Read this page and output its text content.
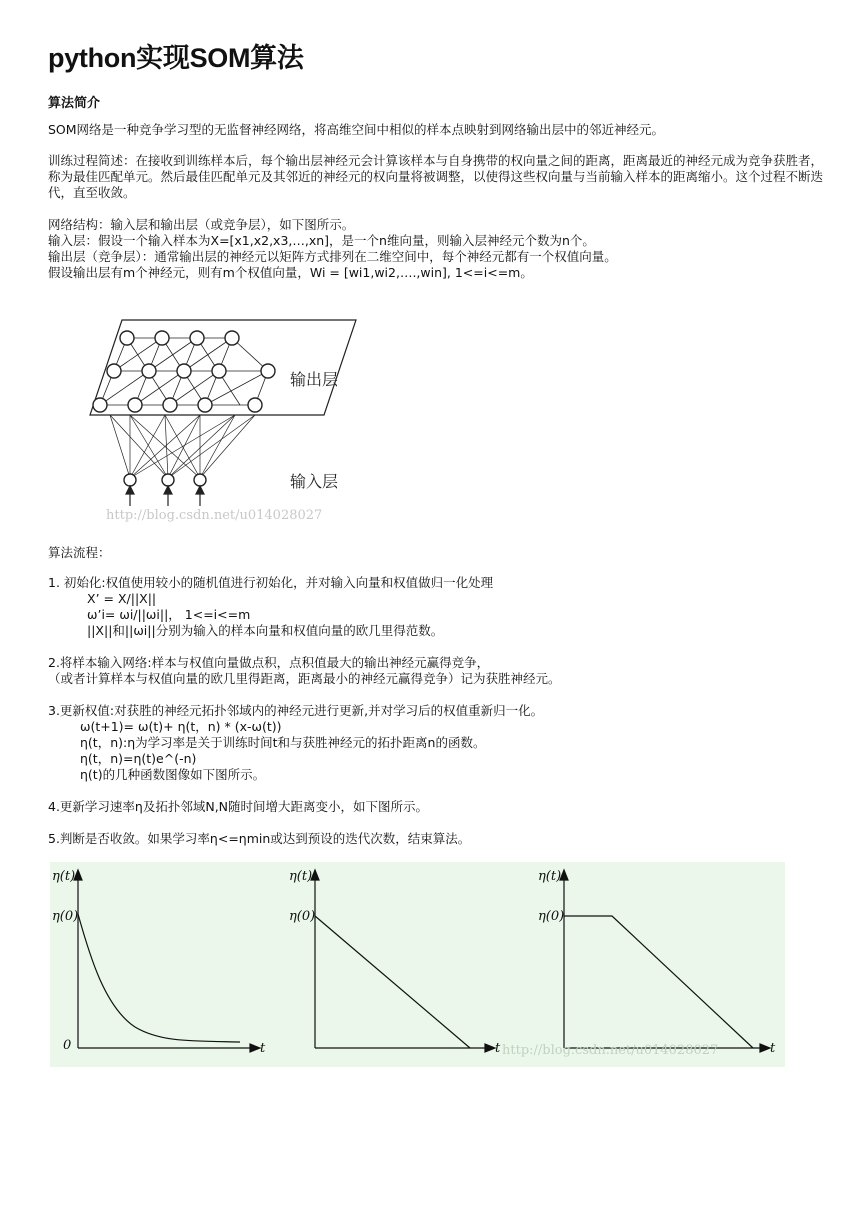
python实现SOM算法
算法简介

SOM网络是一种竞争学习型的无监督神经网络，将高维空间中相似的样本点映射到网络输出层中的邻近神经元。

训练过程简述：在接收到训练样本后，每个输出层神经元会计算该样本与自身携带的权向量之间的距离，距离最近的神经元成为竞争获胜者，称为最佳匹配单元。然后最佳匹配单元及其邻近的神经元的权向量将被调整，以使得这些权向量与当前输入样本的距离缩小。这个过程不断迭代，直至收敛。

网络结构：输入层和输出层（或竞争层），如下图所示。
输入层：假设一个输入样本为X=[x1,x2,x3,…,xn]，是一个n维向量，则输入层神经元个数为n个。
输出层（竞争层）：通常输出层的神经元以矩阵方式排列在二维空间中，每个神经元都有一个权值向量。
假设输出层有m个神经元，则有m个权值向量，Wi = [wi1,wi2,….,win], 1<=i<=m。
输出层
输入层
http://blog.csdn.net/u014028027
算法流程：
1. 初始化:权值使用较小的随机值进行初始化，并对输入向量和权值做归一化处理
X’ = X/||X||
ω’i= ωi/||ωi||， 1<=i<=m
||X||和||ωi||分别为输入的样本向量和权值向量的欧几里得范数。
2.将样本输入网络:样本与权值向量做点积，点积值最大的输出神经元赢得竞争，
（或者计算样本与权值向量的欧几里得距离，距离最小的神经元赢得竞争）记为获胜神经元。
3.更新权值:对获胜的神经元拓扑邻域内的神经元进行更新,并对学习后的权值重新归一化。
ω(t+1)= ω(t)+ η(t，n) * (x-ω(t))
η(t，n):η为学习率是关于训练时间t和与获胜神经元的拓扑距离n的函数。
η(t，n)=η(t)e^(-n)
η(t)的几种函数图像如下图所示。
4.更新学习速率η及拓扑邻域N,N随时间增大距离变小，如下图所示。
5.判断是否收敛。如果学习率η<=ηmin或达到预设的迭代次数，结束算法。
η(t)
η(0)
0	t
η(t)
η(0)
t
η(t)
η(0)
t
http://blog.csdn.net/u014028027
